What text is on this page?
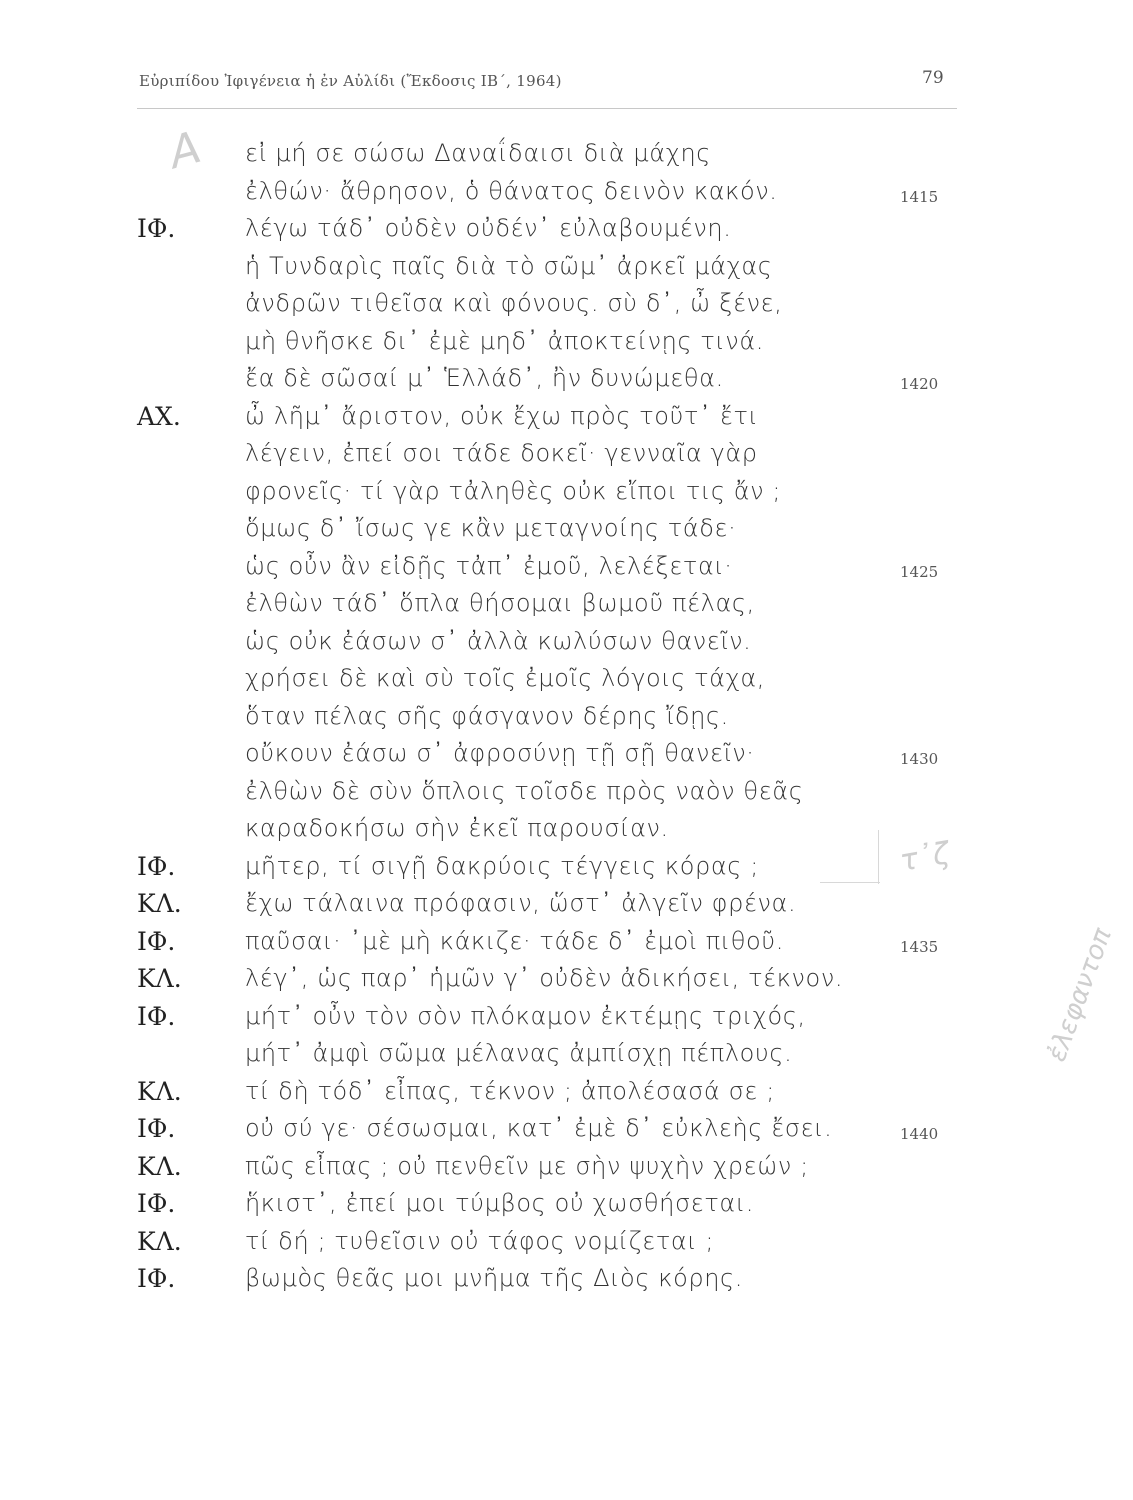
Εὐριπίδου Ἰφιγένεια ἡ ἐν Αὐλίδι (Ἔκδοσις ΙΒ΄, 1964)	79
Α
τ᾽ζ
ἐλεφαντοπ
εἰ μή σε σώσω Δαναΐδαισι διὰ μάχης
ἐλθών· ἄθρησον, ὁ θάνατος δεινὸν κακόν.	1415
ΙΦ.	λέγω τάδ᾽ οὐδὲν οὐδέν᾽ εὐλαβουμένη.
ἡ Τυνδαρὶς παῖς διὰ τὸ σῶμ᾽ ἀρκεῖ μάχας
ἀνδρῶν τιθεῖσα καὶ φόνους. σὺ δ᾽, ὦ ξένε,
μὴ θνῆσκε δι᾽ ἐμὲ μηδ᾽ ἀποκτείνῃς τινά.
ἔα δὲ σῶσαί μ᾽ Ἑλλάδ᾽, ἢν δυνώμεθα.	1420
ΑΧ.	ὦ λῆμ᾽ ἄριστον, οὐκ ἔχω πρὸς τοῦτ᾽ ἔτι
λέγειν, ἐπεί σοι τάδε δοκεῖ· γενναῖα γὰρ
φρονεῖς· τί γὰρ τἀληθὲς οὐκ εἴποι τις ἄν ;
ὅμως δ᾽ ἴσως γε κἂν μεταγνοίης τάδε·
ὡς οὖν ἂν εἰδῇς τἀπ᾽ ἐμοῦ, λελέξεται·	1425
ἐλθὼν τάδ᾽ ὅπλα θήσομαι βωμοῦ πέλας,
ὡς οὐκ ἐάσων σ᾽ ἀλλὰ κωλύσων θανεῖν.
χρήσει δὲ καὶ σὺ τοῖς ἐμοῖς λόγοις τάχα,
ὅταν πέλας σῆς φάσγανον δέρης ἴδῃς.
οὔκουν ἐάσω σ᾽ ἀφροσύνῃ τῇ σῇ θανεῖν·	1430
ἐλθὼν δὲ σὺν ὅπλοις τοῖσδε πρὸς ναὸν θεᾶς
καραδοκήσω σὴν ἐκεῖ παρουσίαν.
ΙΦ.	μῆτερ, τί σιγῇ δακρύοις τέγγεις κόρας ;
ΚΛ.	ἔχω τάλαινα πρόφασιν, ὥστ᾽ ἀλγεῖν φρένα.
ΙΦ.	παῦσαι· ᾽μὲ μὴ κάκιζε· τάδε δ᾽ ἐμοὶ πιθοῦ.	1435
ΚΛ.	λέγ᾽, ὡς παρ᾽ ἡμῶν γ᾽ οὐδὲν ἀδικήσει, τέκνον.
ΙΦ.	μήτ᾽ οὖν τὸν σὸν πλόκαμον ἐκτέμῃς τριχός,
μήτ᾽ ἀμφὶ σῶμα μέλανας ἀμπίσχῃ πέπλους.
ΚΛ.	τί δὴ τόδ᾽ εἶπας, τέκνον ; ἀπολέσασά σε ;
ΙΦ.	οὐ σύ γε· σέσωσμαι, κατ᾽ ἐμὲ δ᾽ εὐκλεὴς ἔσει.	1440
ΚΛ.	πῶς εἶπας ; οὐ πενθεῖν με σὴν ψυχὴν χρεών ;
ΙΦ.	ἥκιστ᾽, ἐπεί μοι τύμβος οὐ χωσθήσεται.
ΚΛ.	τί δή ; τυθεῖσιν οὐ τάφος νομίζεται ;
ΙΦ.	βωμὸς θεᾶς μοι μνῆμα τῆς Διὸς κόρης.
